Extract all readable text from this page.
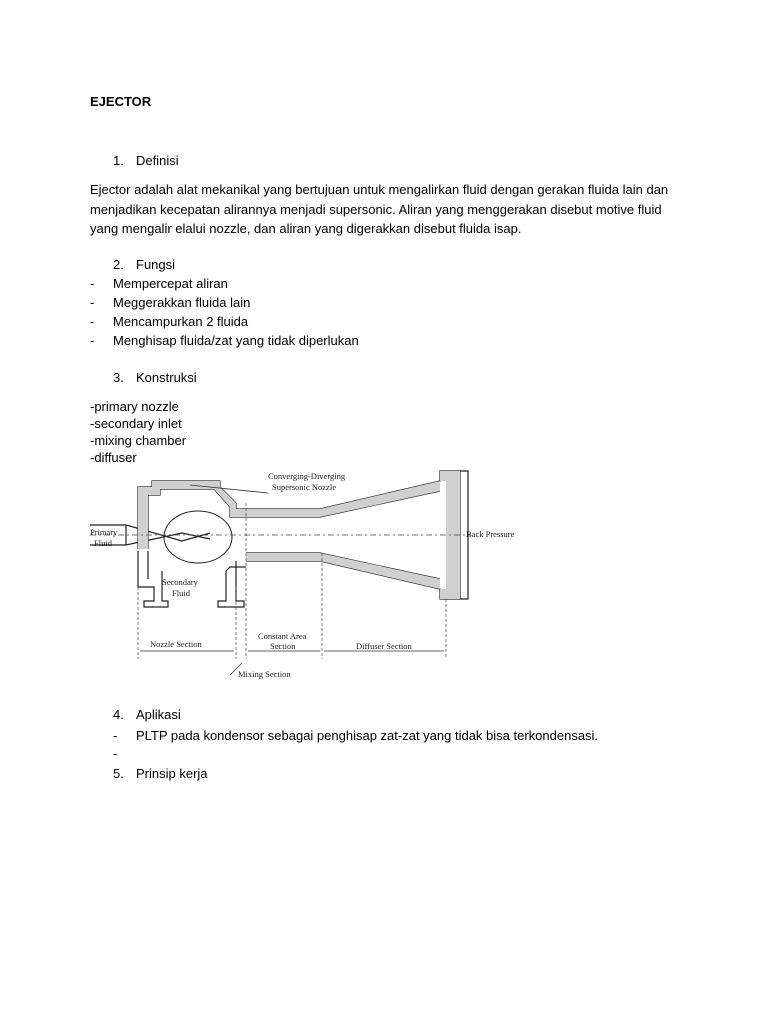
EJECTOR
1. Definisi
Ejector adalah alat mekanikal yang bertujuan untuk mengalirkan fluid dengan gerakan fluida lain dan
menjadikan kecepatan alirannya menjadi supersonic. Aliran yang menggerakan disebut motive fluid
yang mengalir elalui nozzle, dan aliran yang digerakkan disebut fluida isap.
2. Fungsi
- Mempercepat aliran
- Meggerakkan fluida lain
- Mencampurkan 2 fluida
- Menghisap fluida/zat yang tidak diperlukan
3. Konstruksi
-primary nozzle
-secondary inlet
-mixing chamber
-diffuser
Converging-Diverging
Supersonic Nozzle
Primary
Fluid
Secondary
Fluid
Back Pressure
Nozzle Section
Constant Area
Section	Diffuser Section
Mixing Section
4. Aplikasi
- PLTP pada kondensor sebagai penghisap zat-zat yang tidak bisa terkondensasi.
-
5. Prinsip kerja
